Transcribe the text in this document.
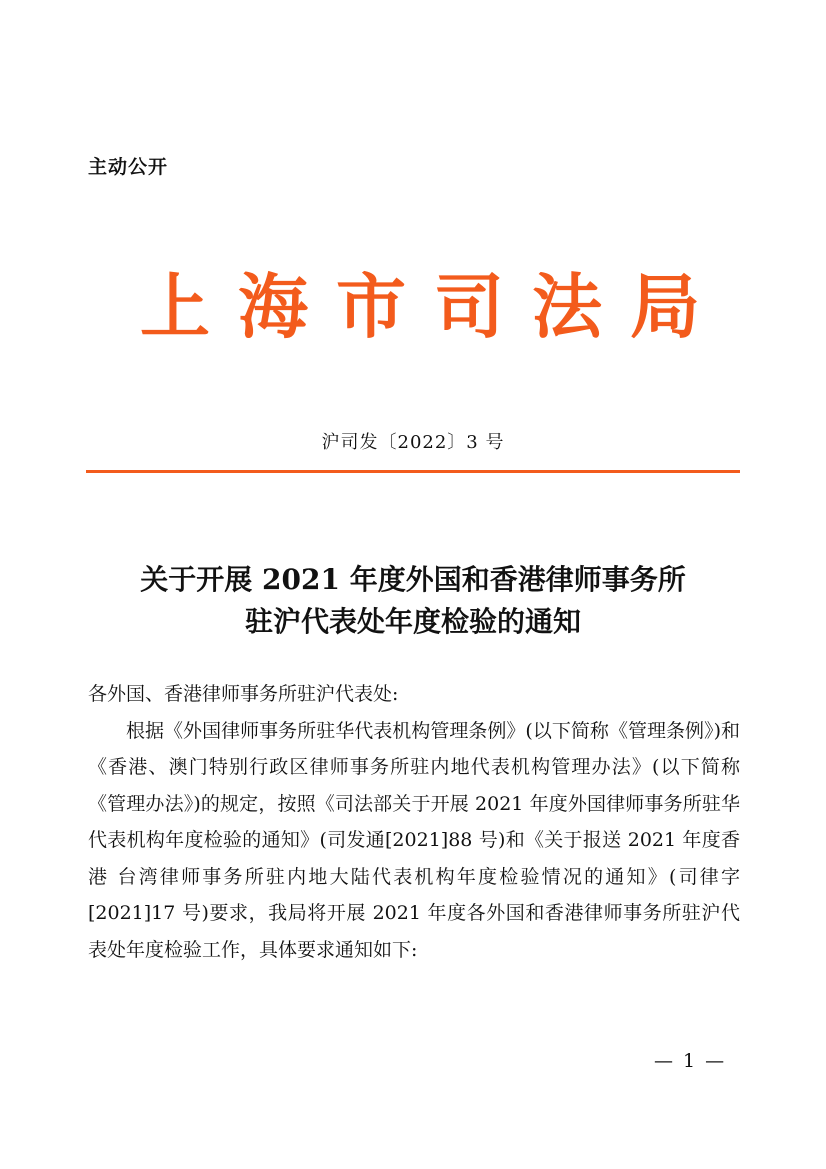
主动公开
上 海 市 司 法 局
沪司发〔2022〕3 号
关于开展 2021 年度外国和香港律师事务所
驻沪代表处年度检验的通知

各外国、香港律师事务所驻沪代表处:

根据《外国律师事务所驻华代表机构管理条例》(以下简称《管理条例》)和《香港、澳门特别行政区律师事务所驻内地代表机构管理办法》(以下简称《管理办法》)的规定，按照《司法部关于开展 2021 年度外国律师事务所驻华代表机构年度检验的通知》(司发通[2021]88 号)和《关于报送 2021 年度香港 台湾律师事务所驻内地大陆代表机构年度检验情况的通知》(司律字[2021]17 号)要求，我局将开展 2021 年度各外国和香港律师事务所驻沪代表处年度检验工作，具体要求通知如下:

— 1 —
